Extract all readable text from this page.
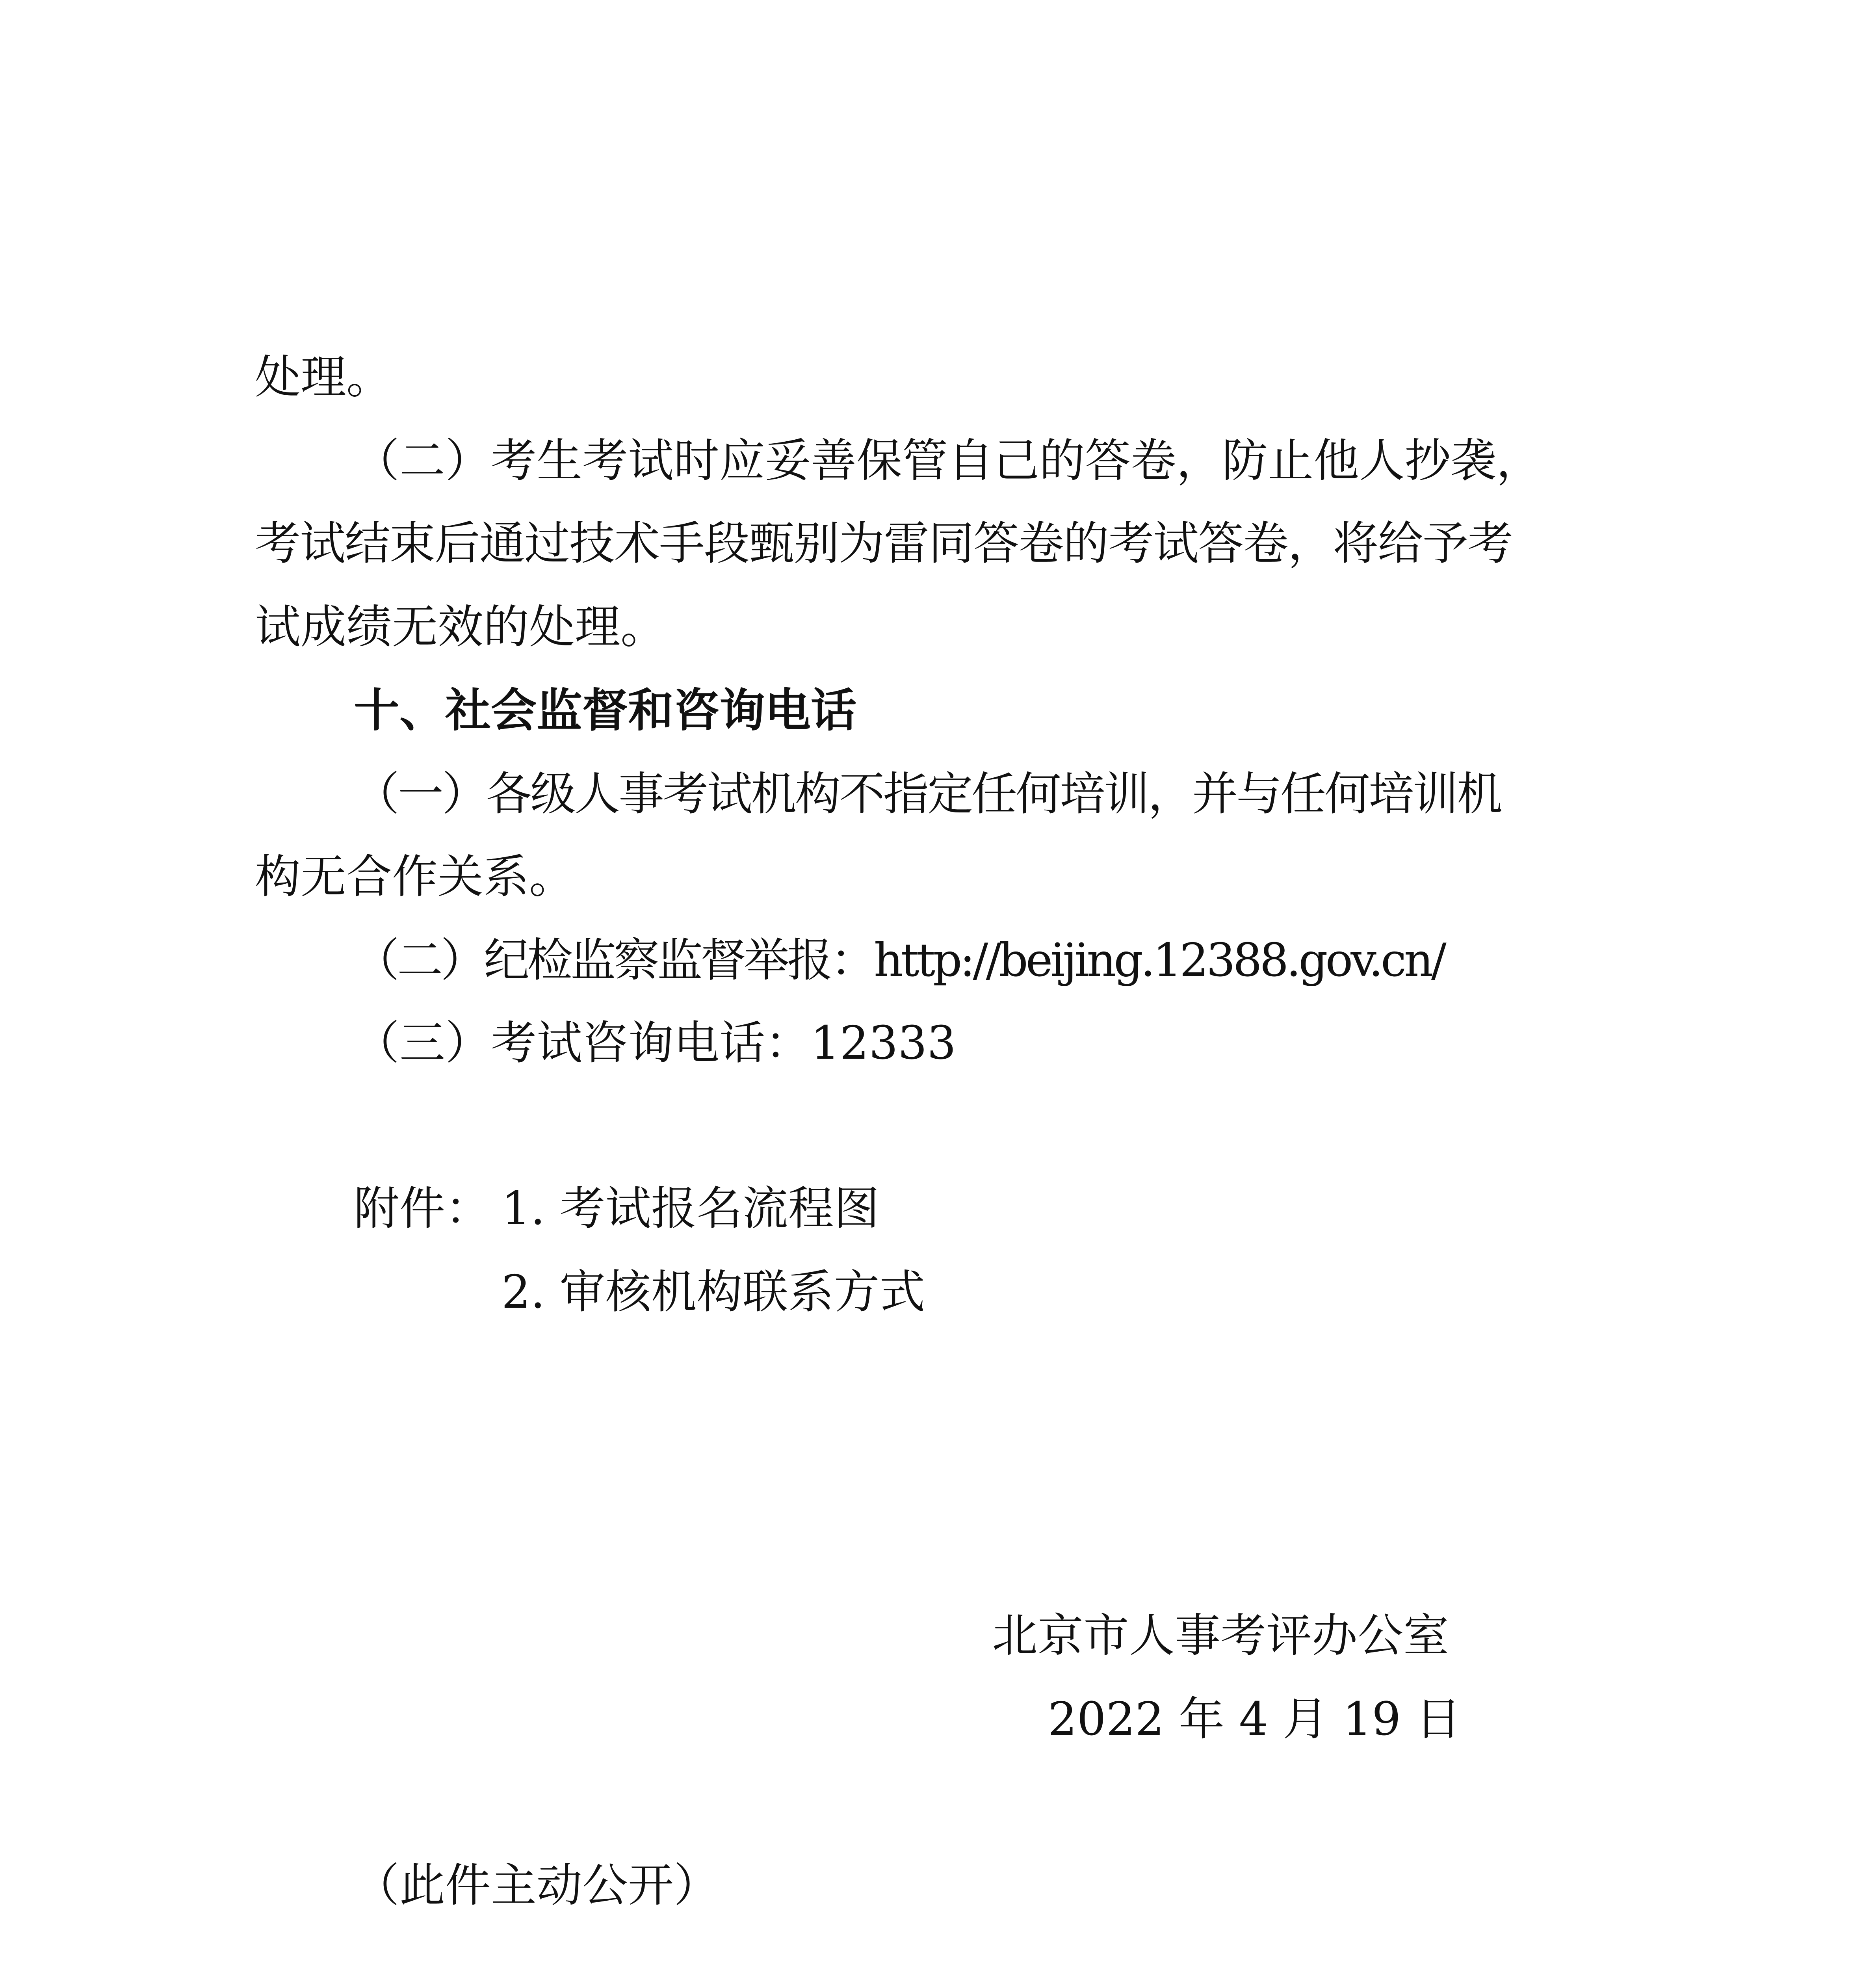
处理。

（二）考生考试时应妥善保管自己的答卷，防止他人抄袭，

考试结束后通过技术手段甄别为雷同答卷的考试答卷，将给予考

试成绩无效的处理。

十、社会监督和咨询电话

（一）各级人事考试机构不指定任何培训，并与任何培训机

构无合作关系。

（二）纪检监察监督举报：http://beijing.12388.gov.cn/

（三）考试咨询电话：12333

附件： 1. 考试报名流程图

2. 审核机构联系方式

北京市人事考评办公室

2022 年 4 月 19 日

（此件主动公开）
